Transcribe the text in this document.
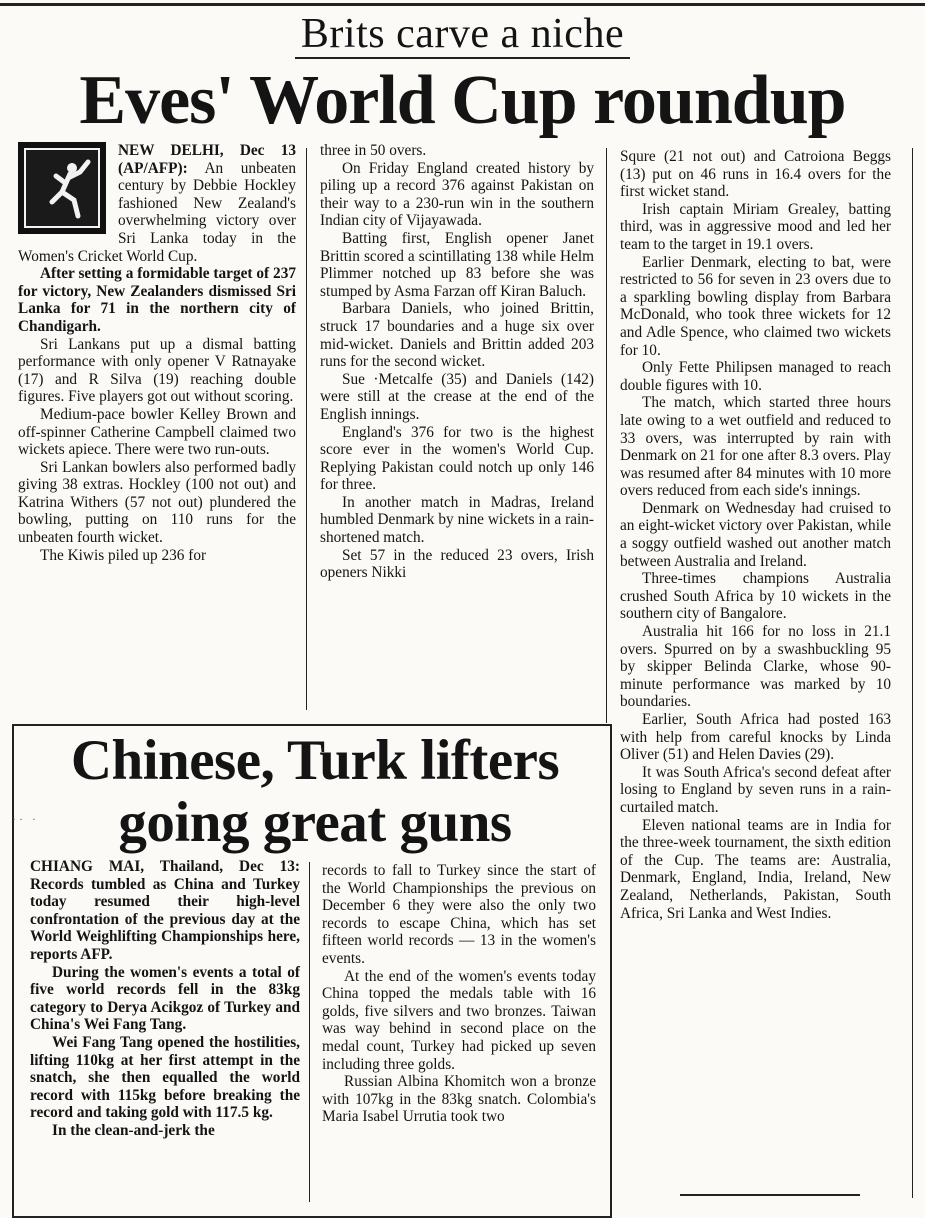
Brits carve a niche
Eves' World Cup roundup

NEW DELHI, Dec 13 (AP/AFP): An unbeaten century by Debbie Hockley fashioned New Zealand's overwhelming victory over Sri Lanka today in the Women's Cricket World Cup.

After setting a formidable target of 237 for victory, New Zealanders dismissed Sri Lanka for 71 in the northern city of Chandigarh.

Sri Lankans put up a dismal batting performance with only opener V Ratnayake (17) and R Silva (19) reaching double figures. Five players got out without scoring.

Medium-pace bowler Kelley Brown and off-spinner Catherine Campbell claimed two wickets apiece. There were two run-outs.

Sri Lankan bowlers also performed badly giving 38 extras. Hockley (100 not out) and Katrina Withers (57 not out) plundered the bowling, putting on 110 runs for the unbeaten fourth wicket.

The Kiwis piled up 236 for

three in 50 overs.

On Friday England created history by piling up a record 376 against Pakistan on their way to a 230-run win in the southern Indian city of Vijayawada.

Batting first, English opener Janet Brittin scored a scintillating 138 while Helm Plimmer notched up 83 before she was stumped by Asma Farzan off Kiran Baluch.

Barbara Daniels, who joined Brittin, struck 17 boundaries and a huge six over mid-wicket. Daniels and Brittin added 203 runs for the second wicket.

Sue ·Metcalfe (35) and Daniels (142) were still at the crease at the end of the English innings.

England's 376 for two is the highest score ever in the women's World Cup. Replying Pakistan could notch up only 146 for three.

In another match in Madras, Ireland humbled Denmark by nine wickets in a rain-shortened match.

Set 57 in the reduced 23 overs, Irish openers Nikki

Squre (21 not out) and Catroiona Beggs (13) put on 46 runs in 16.4 overs for the first wicket stand.

Irish captain Miriam Grealey, batting third, was in aggressive mood and led her team to the target in 19.1 overs.

Earlier Denmark, electing to bat, were restricted to 56 for seven in 23 overs due to a sparkling bowling display from Barbara McDonald, who took three wickets for 12 and Adle Spence, who claimed two wickets for 10.

Only Fette Philipsen managed to reach double figures with 10.

The match, which started three hours late owing to a wet outfield and reduced to 33 overs, was interrupted by rain with Denmark on 21 for one after 8.3 overs. Play was resumed after 84 minutes with 10 more overs reduced from each side's innings.

Denmark on Wednesday had cruised to an eight-wicket victory over Pakistan, while a soggy outfield washed out another match between Australia and Ireland.

Three-times champions Australia crushed South Africa by 10 wickets in the southern city of Bangalore.

Australia hit 166 for no loss in 21.1 overs. Spurred on by a swashbuckling 95 by skipper Belinda Clarke, whose 90-minute performance was marked by 10 boundaries.

Earlier, South Africa had posted 163 with help from careful knocks by Linda Oliver (51) and Helen Davies (29).

It was South Africa's second defeat after losing to England by seven runs in a rain-curtailed match.

Eleven national teams are in India for the three-week tournament, the sixth edition of the Cup. The teams are: Australia, Denmark, England, India, Ireland, New Zealand, Netherlands, Pakistan, South Africa, Sri Lanka and West Indies.

Chinese, Turk lifters
going great guns
·· ·

CHIANG MAI, Thailand, Dec 13: Records tumbled as China and Turkey today resumed their high-level confrontation of the previous day at the World Weighlifting Championships here, reports AFP.

During the women's events a total of five world records fell in the 83kg category to Derya Acikgoz of Turkey and China's Wei Fang Tang.

Wei Fang Tang opened the hostilities, lifting 110kg at her first attempt in the snatch, she then equalled the world record with 115kg before breaking the record and taking gold with 117.5 kg.

In the clean-and-jerk the

records to fall to Turkey since the start of the World Championships the previous on December 6 they were also the only two records to escape China, which has set fifteen world records — 13 in the women's events.

At the end of the women's events today China topped the medals table with 16 golds, five silvers and two bronzes. Taiwan was way behind in second place on the medal count, Turkey had picked up seven including three golds.

Russian Albina Khomitch won a bronze with 107kg in the 83kg snatch. Colombia's Maria Isabel Urrutia took two
